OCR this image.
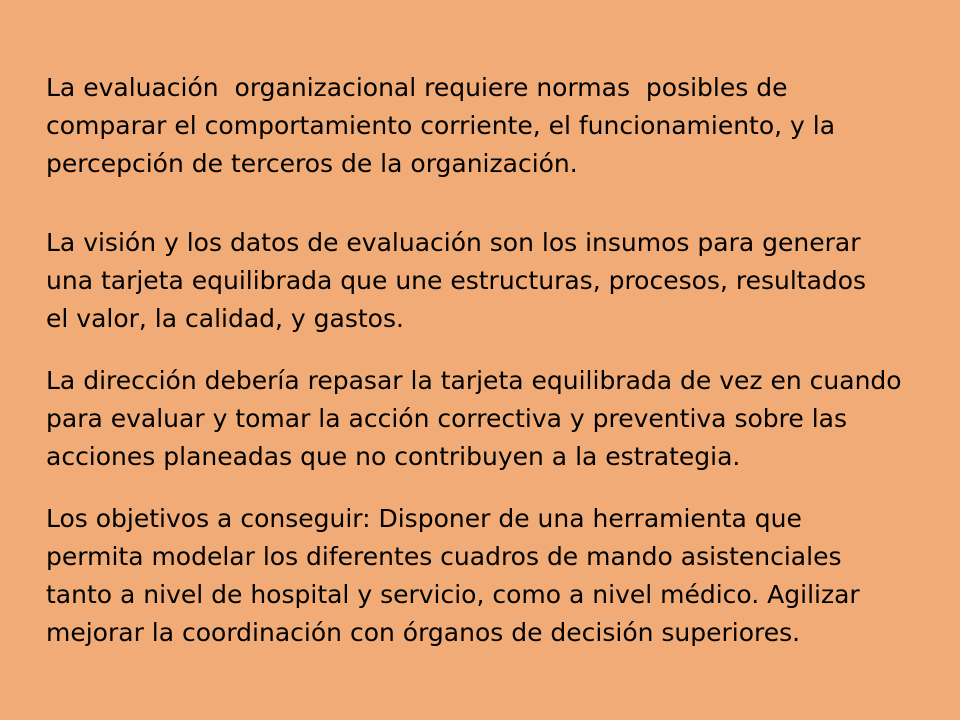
La evaluación  organizacional requiere normas  posibles de
comparar el comportamiento corriente, el funcionamiento, y la
percepción de terceros de la organización.

La visión y los datos de evaluación son los insumos para generar
una tarjeta equilibrada que une estructuras, procesos, resultados
el valor, la calidad, y gastos.

La dirección debería repasar la tarjeta equilibrada de vez en cuando
para evaluar y tomar la acción correctiva y preventiva sobre las
acciones planeadas que no contribuyen a la estrategia.

Los objetivos a conseguir: Disponer de una herramienta que
permita modelar los diferentes cuadros de mando asistenciales
tanto a nivel de hospital y servicio, como a nivel médico. Agilizar
mejorar la coordinación con órganos de decisión superiores.
